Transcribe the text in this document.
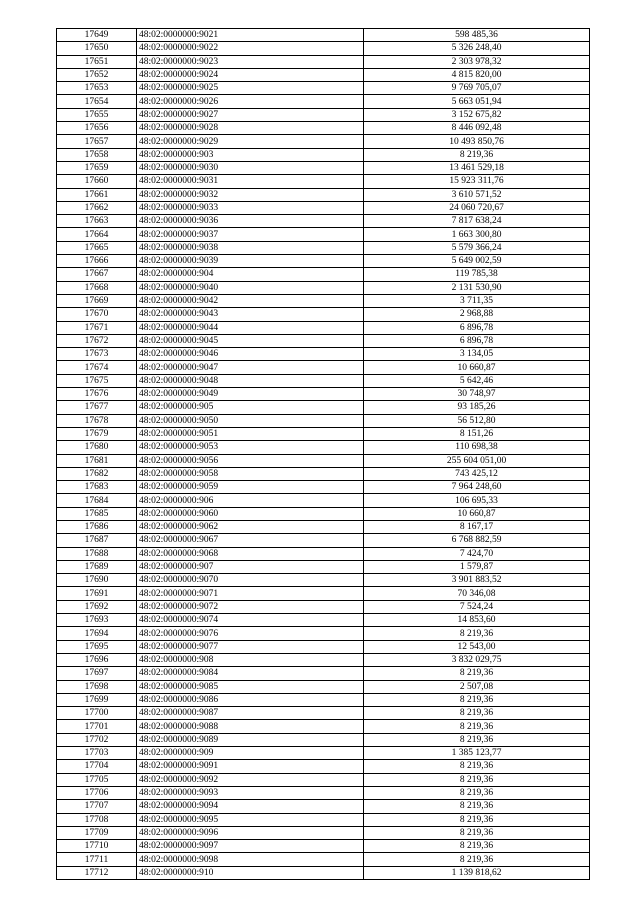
17649	48:02:0000000:9021	598 485,36
17650	48:02:0000000:9022	5 326 248,40
17651	48:02:0000000:9023	2 303 978,32
17652	48:02:0000000:9024	4 815 820,00
17653	48:02:0000000:9025	9 769 705,07
17654	48:02:0000000:9026	5 663 051,94
17655	48:02:0000000:9027	3 152 675,82
17656	48:02:0000000:9028	8 446 092,48
17657	48:02:0000000:9029	10 493 850,76
17658	48:02:0000000:903	8 219,36
17659	48:02:0000000:9030	13 461 529,18
17660	48:02:0000000:9031	15 923 311,76
17661	48:02:0000000:9032	3 610 571,52
17662	48:02:0000000:9033	24 060 720,67
17663	48:02:0000000:9036	7 817 638,24
17664	48:02:0000000:9037	1 663 300,80
17665	48:02:0000000:9038	5 579 366,24
17666	48:02:0000000:9039	5 649 002,59
17667	48:02:0000000:904	119 785,38
17668	48:02:0000000:9040	2 131 530,90
17669	48:02:0000000:9042	3 711,35
17670	48:02:0000000:9043	2 968,88
17671	48:02:0000000:9044	6 896,78
17672	48:02:0000000:9045	6 896,78
17673	48:02:0000000:9046	3 134,05
17674	48:02:0000000:9047	10 660,87
17675	48:02:0000000:9048	5 642,46
17676	48:02:0000000:9049	30 748,97
17677	48:02:0000000:905	93 185,26
17678	48:02:0000000:9050	56 512,80
17679	48:02:0000000:9051	8 151,26
17680	48:02:0000000:9053	110 698,38
17681	48:02:0000000:9056	255 604 051,00
17682	48:02:0000000:9058	743 425,12
17683	48:02:0000000:9059	7 964 248,60
17684	48:02:0000000:906	106 695,33
17685	48:02:0000000:9060	10 660,87
17686	48:02:0000000:9062	8 167,17
17687	48:02:0000000:9067	6 768 882,59
17688	48:02:0000000:9068	7 424,70
17689	48:02:0000000:907	1 579,87
17690	48:02:0000000:9070	3 901 883,52
17691	48:02:0000000:9071	70 346,08
17692	48:02:0000000:9072	7 524,24
17693	48:02:0000000:9074	14 853,60
17694	48:02:0000000:9076	8 219,36
17695	48:02:0000000:9077	12 543,00
17696	48:02:0000000:908	3 832 029,75
17697	48:02:0000000:9084	8 219,36
17698	48:02:0000000:9085	2 507,08
17699	48:02:0000000:9086	8 219,36
17700	48:02:0000000:9087	8 219,36
17701	48:02:0000000:9088	8 219,36
17702	48:02:0000000:9089	8 219,36
17703	48:02:0000000:909	1 385 123,77
17704	48:02:0000000:9091	8 219,36
17705	48:02:0000000:9092	8 219,36
17706	48:02:0000000:9093	8 219,36
17707	48:02:0000000:9094	8 219,36
17708	48:02:0000000:9095	8 219,36
17709	48:02:0000000:9096	8 219,36
17710	48:02:0000000:9097	8 219,36
17711	48:02:0000000:9098	8 219,36
17712	48:02:0000000:910	1 139 818,62
